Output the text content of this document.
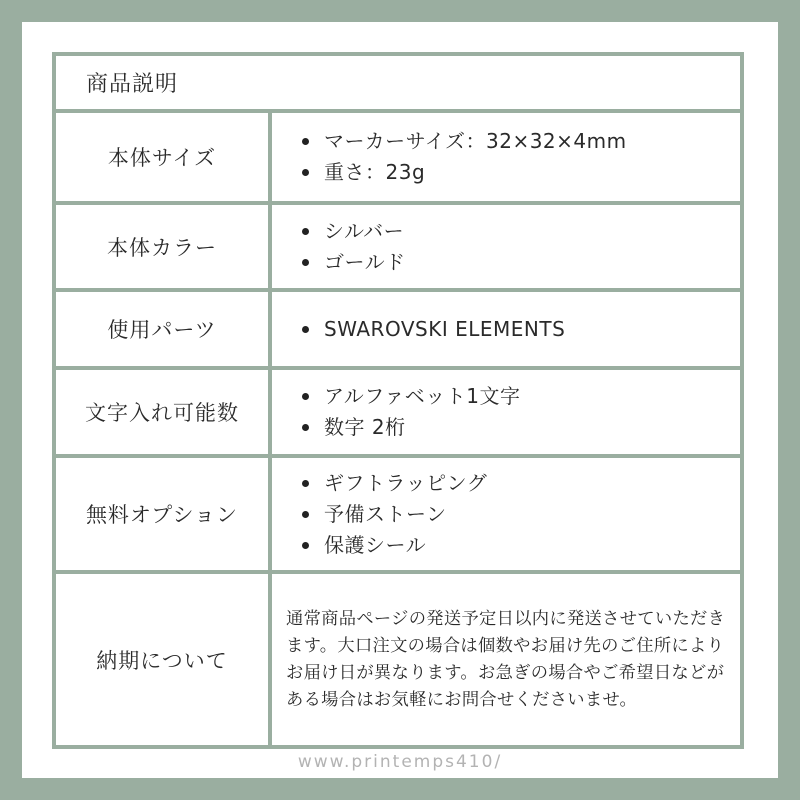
商品説明
本体サイズ
マーカーサイズ：32×32×4mm
重さ：23g
本体カラー
シルバー
ゴールド
使用パーツ	SWAROVSKI ELEMENTS
文字入れ可能数
アルファベット1文字
数字 2桁
無料オプション
ギフトラッピング
予備ストーン
保護シール
納期について
通常商品ページの発送予定日以内に発送させていただきます。大口注文の場合は個数やお届け先のご住所によりお届け日が異なります。お急ぎの場合やご希望日などがある場合はお気軽にお問合せくださいませ。
www.printemps410/
